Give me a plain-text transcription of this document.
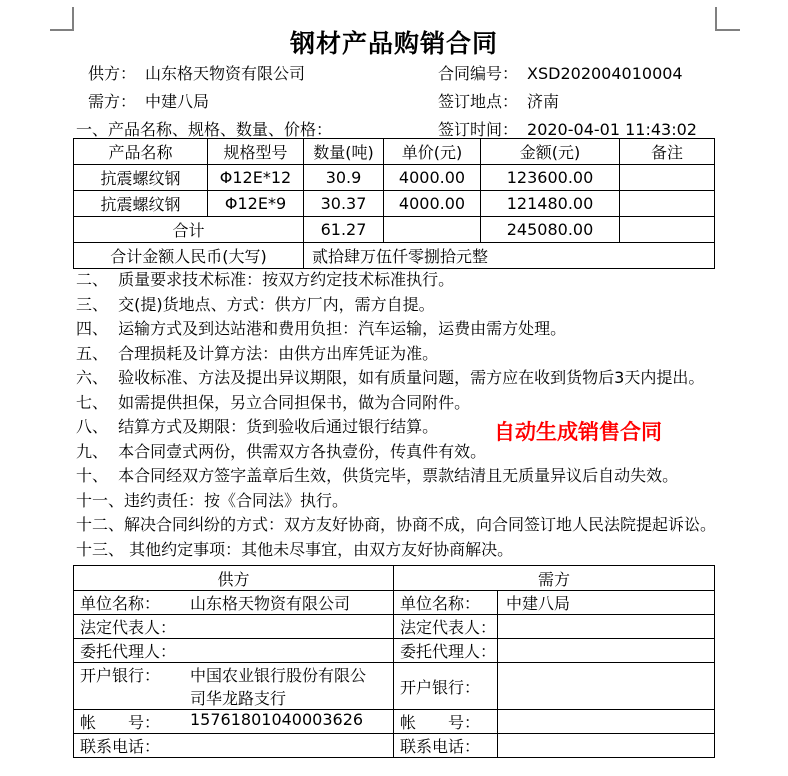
钢材产品购销合同
供方： 山东格天物资有限公司	合同编号： XSD202004010004
需方： 中建八局	签订地点： 济南
一、产品名称、规格、数量、价格：	签订时间： 2020-04-01 11:43:02
产品名称	规格型号	数量(吨)	单价(元)	金额(元)	备注
抗震螺纹钢	Φ12E*12	30.9	4000.00	123600.00	
抗震螺纹钢	Φ12E*9	30.37	4000.00	121480.00	
合计		61.27		245080.00	
合计金额人民币(大写)		贰拾肆万伍仟零捌拾元整			
二、  质量要求技术标准：按双方约定技术标准执行。
三、  交(提)货地点、方式：供方厂内，需方自提。
四、  运输方式及到达站港和费用负担：汽车运输，运费由需方处理。
五、  合理损耗及计算方法：由供方出库凭证为准。
六、  验收标准、方法及提出异议期限，如有质量问题，需方应在收到货物后3天内提出。
七、  如需提供担保，另立合同担保书，做为合同附件。
八、  结算方式及期限：货到验收后通过银行结算。
九、  本合同壹式两份，供需双方各执壹份，传真件有效。
十、  本合同经双方签字盖章后生效，供货完毕，票款结清且无质量异议后自动失效。
十一、违约责任：按《合同法》执行。
十二、解决合同纠纷的方式：双方友好协商，协商不成，向合同签订地人民法院提起诉讼。
十三、 其他约定事项：其他未尽事宜，由双方友好协商解决。
自动生成销售合同
供方	需方	
单位名称： 山东格天物资有限公司	单位名称：	中建八局
法定代表人：	法定代表人：	
委托代理人：	委托代理人：	
开户银行： 中国农业银行股份有限公司华龙路支行	开户银行：	
帐　　号： 15761801040003626	帐　　号：	
联系电话：	联系电话：	
